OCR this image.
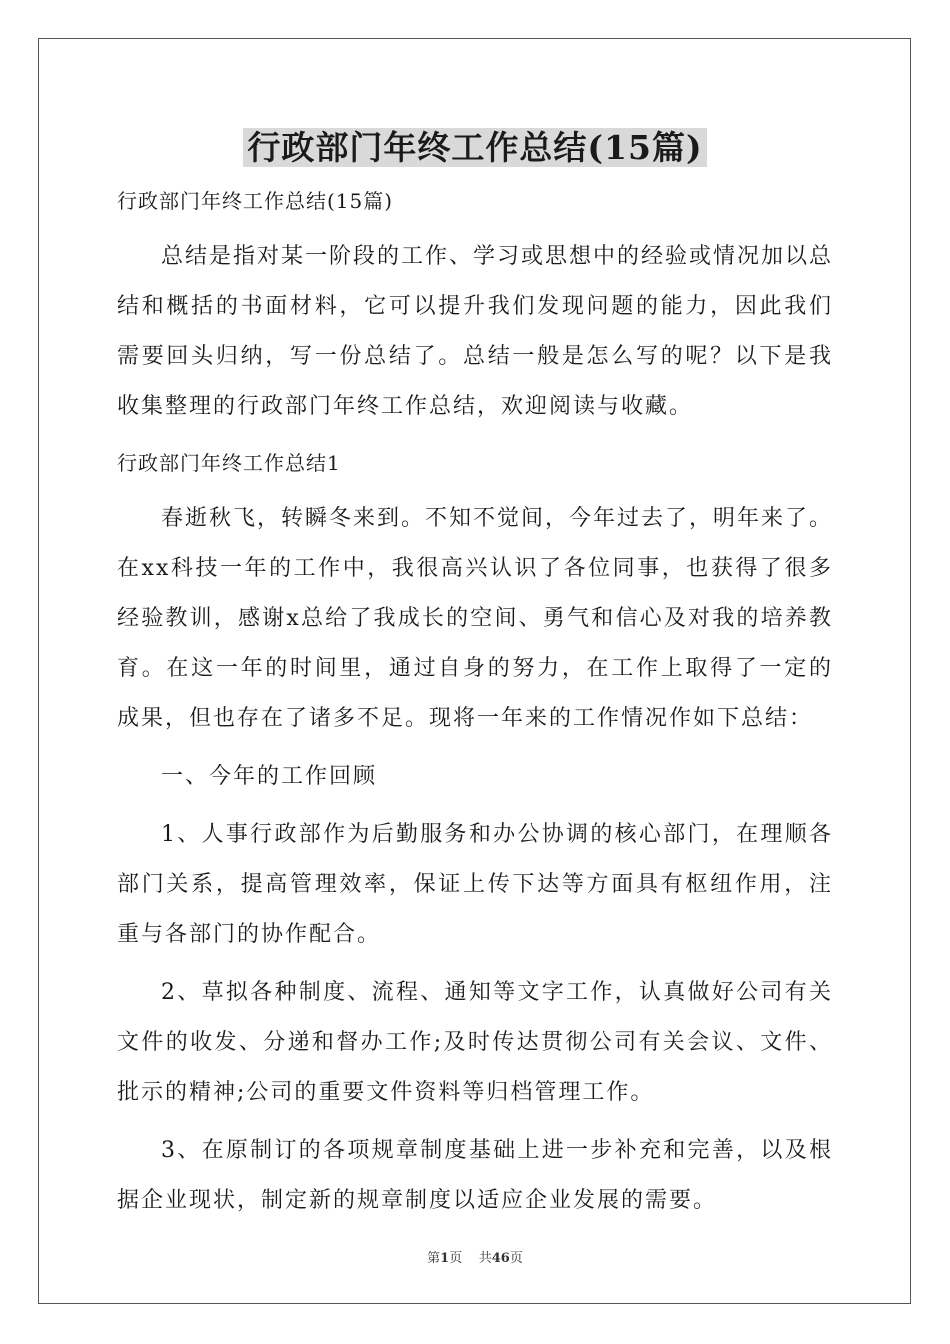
行政部门年终工作总结(15篇)
行政部门年终工作总结(15篇)

总结是指对某一阶段的工作、学习或思想中的经验或情况加以总结和概括的书面材料，它可以提升我们发现问题的能力，因此我们需要回头归纳，写一份总结了。总结一般是怎么写的呢？以下是我收集整理的行政部门年终工作总结，欢迎阅读与收藏。

行政部门年终工作总结1

春逝秋飞，转瞬冬来到。不知不觉间，今年过去了，明年来了。在xx科技一年的工作中，我很高兴认识了各位同事，也获得了很多经验教训，感谢x总给了我成长的空间、勇气和信心及对我的培养教育。在这一年的时间里，通过自身的努力，在工作上取得了一定的成果，但也存在了诸多不足。现将一年来的工作情况作如下总结：

一、今年的工作回顾

1、人事行政部作为后勤服务和办公协调的核心部门，在理顺各部门关系，提高管理效率，保证上传下达等方面具有枢纽作用，注重与各部门的协作配合。

2、草拟各种制度、流程、通知等文字工作，认真做好公司有关文件的收发、分递和督办工作;及时传达贯彻公司有关会议、文件、批示的精神;公司的重要文件资料等归档管理工作。

3、在原制订的各项规章制度基础上进一步补充和完善，以及根据企业现状，制定新的规章制度以适应企业发展的需要。

第1页 共46页
